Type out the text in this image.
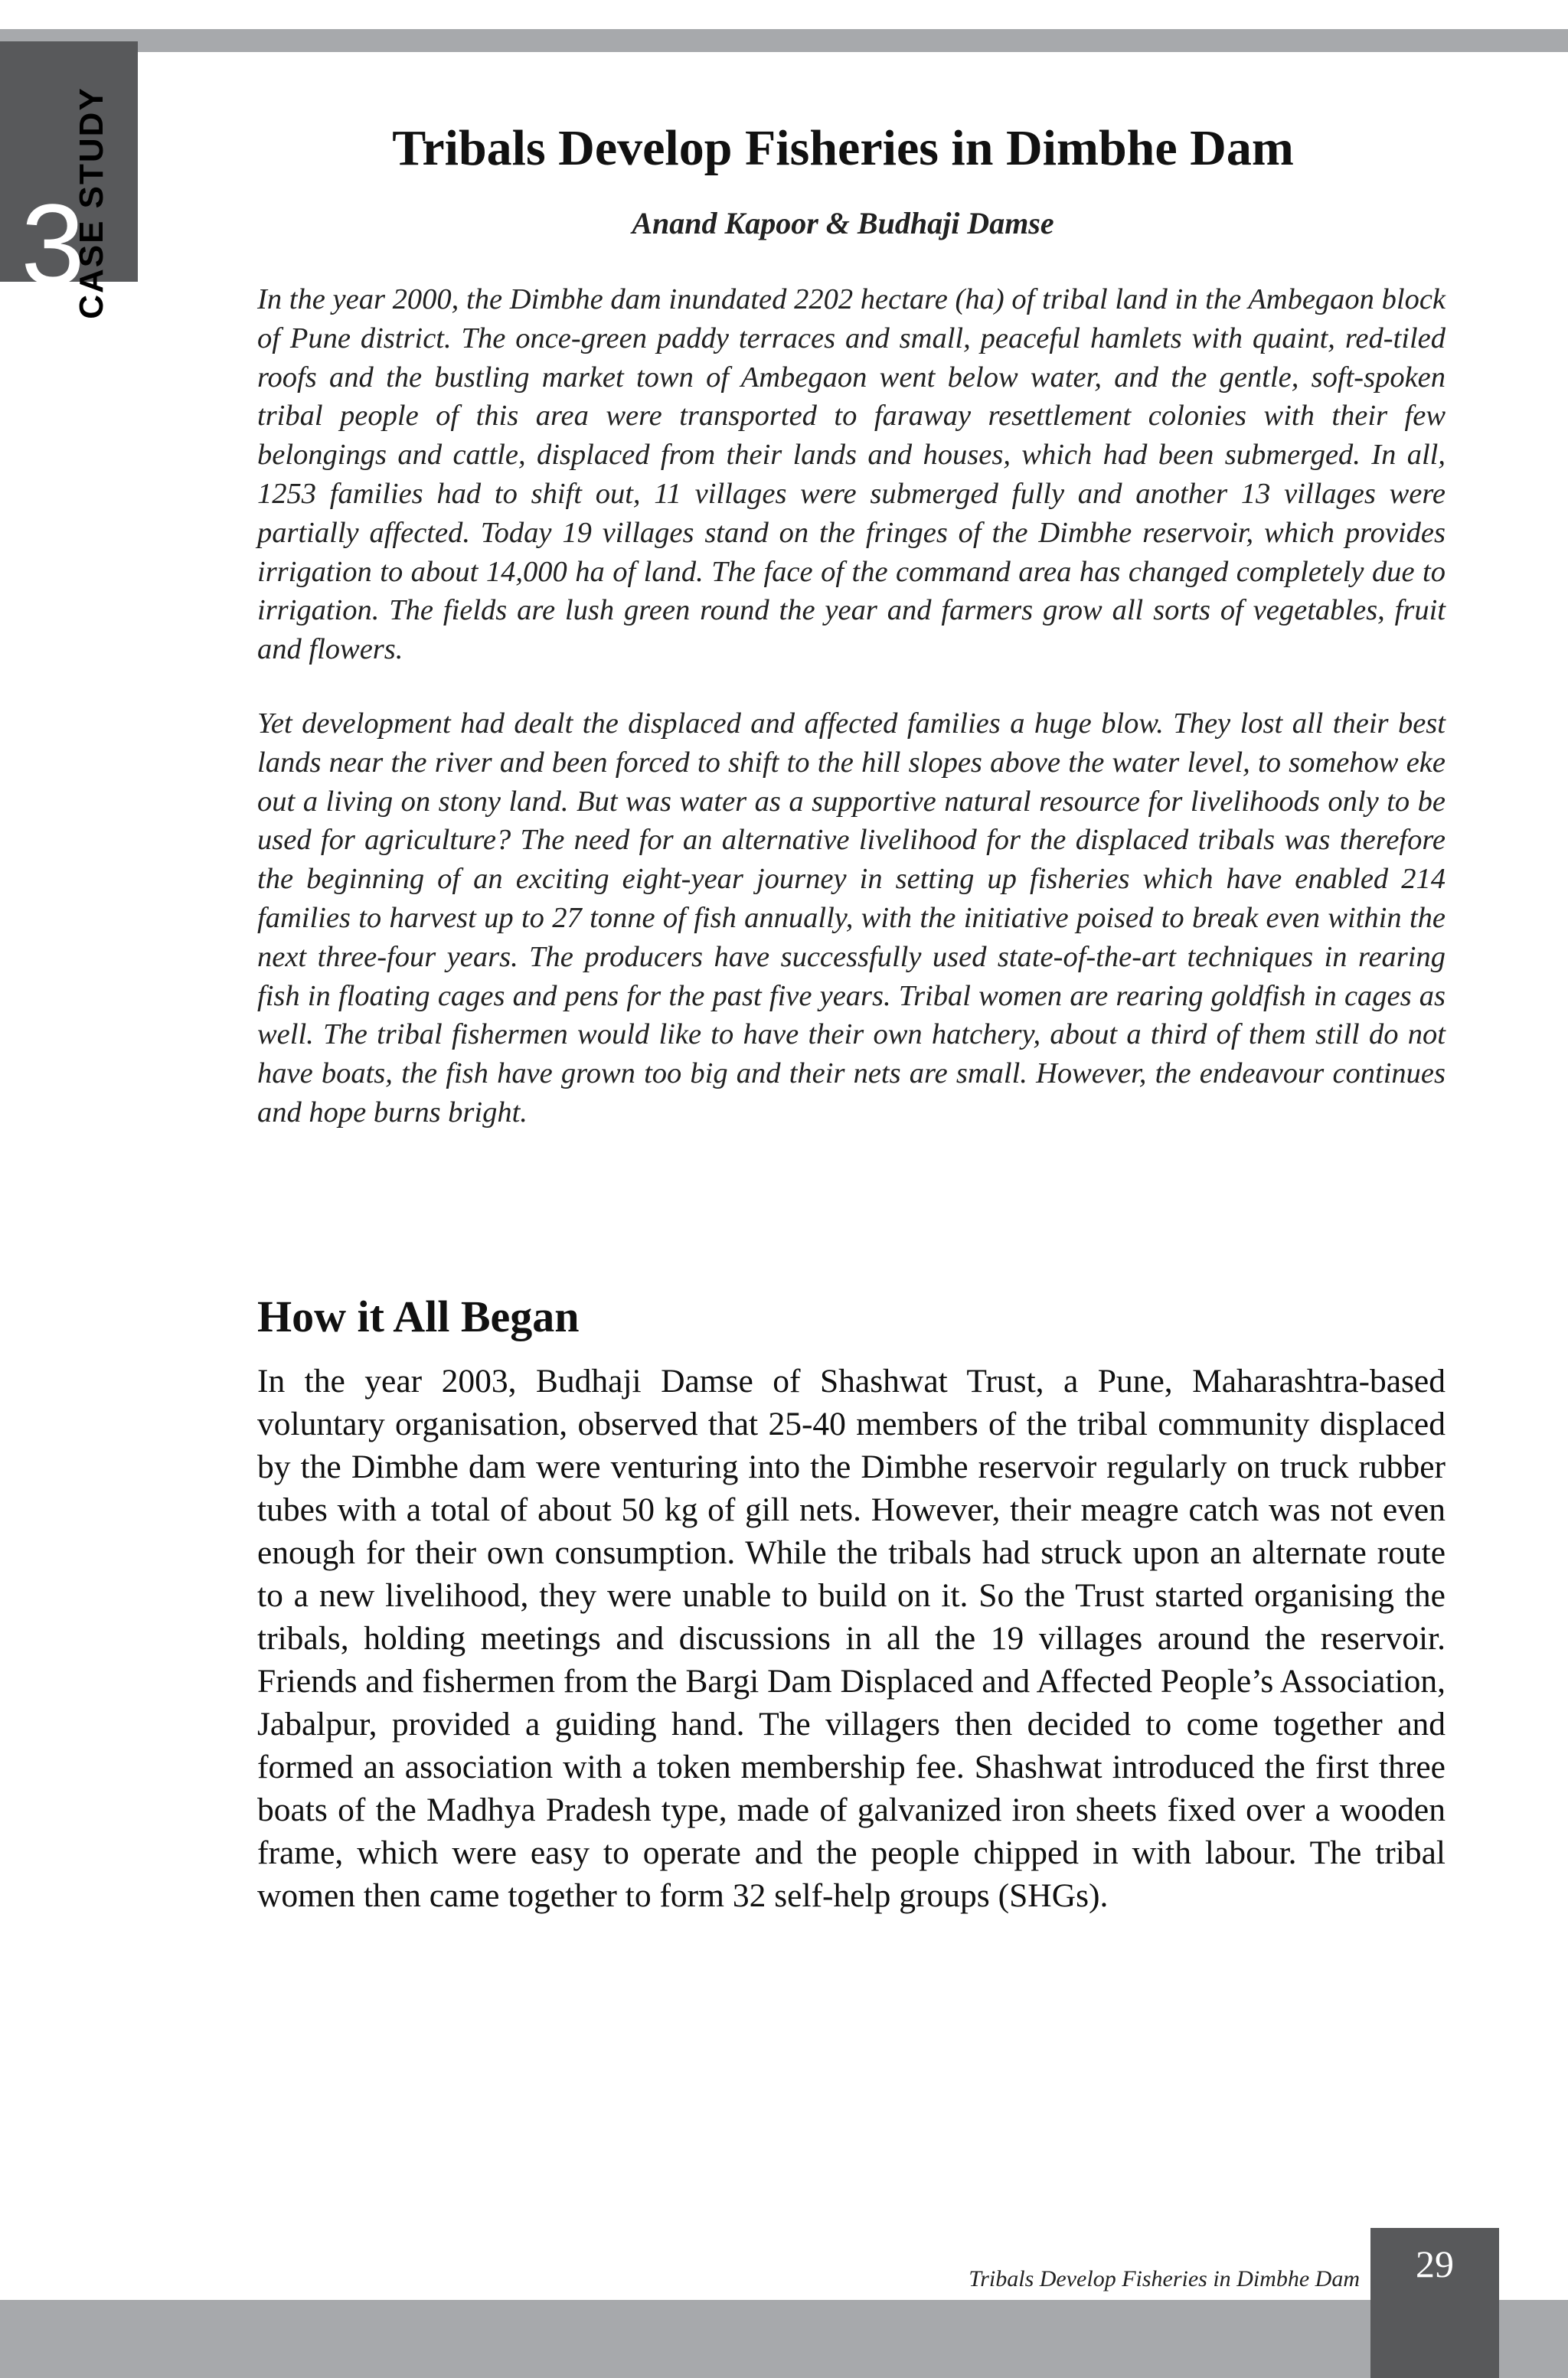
3
CASE STUDY	Tribals Develop Fisheries in Dimbhe Dam
Anand Kapoor & Budhaji Damse

In the year 2000, the Dimbhe dam inundated 2202 hectare (ha) of tribal land in the Ambegaon block of Pune district. The once-green paddy terraces and small, peaceful hamlets with quaint, red-tiled roofs and the bustling market town of Ambegaon went below water, and the gentle, soft-spoken tribal people of this area were transported to faraway resettlement colonies with their few belongings and cattle, displaced from their lands and houses, which had been submerged. In all, 1253 families had to shift out, 11 villages were submerged fully and another 13 villages were partially affected. Today 19 villages stand on the fringes of the Dimbhe reservoir, which provides irrigation to about 14,000 ha of land. The face of the command area has changed completely due to irrigation. The fields are lush green round the year and farmers grow all sorts of vegetables, fruit and flowers.

Yet development had dealt the displaced and affected families a huge blow. They lost all their best lands near the river and been forced to shift to the hill slopes above the water level, to somehow eke out a living on stony land. But was water as a supportive natural resource for livelihoods only to be used for agriculture? The need for an alternative livelihood for the displaced tribals was therefore the beginning of an exciting eight-year journey in setting up fisheries which have enabled 214 families to harvest up to 27 tonne of fish annually, with the initiative poised to break even within the next three-four years. The producers have successfully used state-of-the-art techniques in rearing fish in floating cages and pens for the past five years. Tribal women are rearing goldfish in cages as well. The tribal fishermen would like to have their own hatchery, about a third of them still do not have boats, the fish have grown too big and their nets are small. However, the endeavour continues and hope burns bright.

How it All Began

In the year 2003, Budhaji Damse of Shashwat Trust, a Pune, Maharashtra-based voluntary organisation, observed that 25-40 members of the tribal community displaced by the Dimbhe dam were venturing into the Dimbhe reservoir regularly on truck rubber tubes with a total of about 50 kg of gill nets. However, their meagre catch was not even enough for their own consumption. While the tribals had struck upon an alternate route to a new livelihood, they were unable to build on it. So the Trust started organising the tribals, holding meetings and discussions in all the 19 villages around the reservoir. Friends and fishermen from the Bargi Dam Displaced and Affected People’s Association, Jabalpur, provided a guiding hand. The villagers then decided to come together and formed an association with a token membership fee. Shashwat introduced the first three boats of the Madhya Pradesh type, made of galvanized iron sheets fixed over a wooden frame, which were easy to operate and the people chipped in with labour. The tribal women then came together to form 32 self-help groups (SHGs).

Tribals Develop Fisheries in Dimbhe Dam	29
